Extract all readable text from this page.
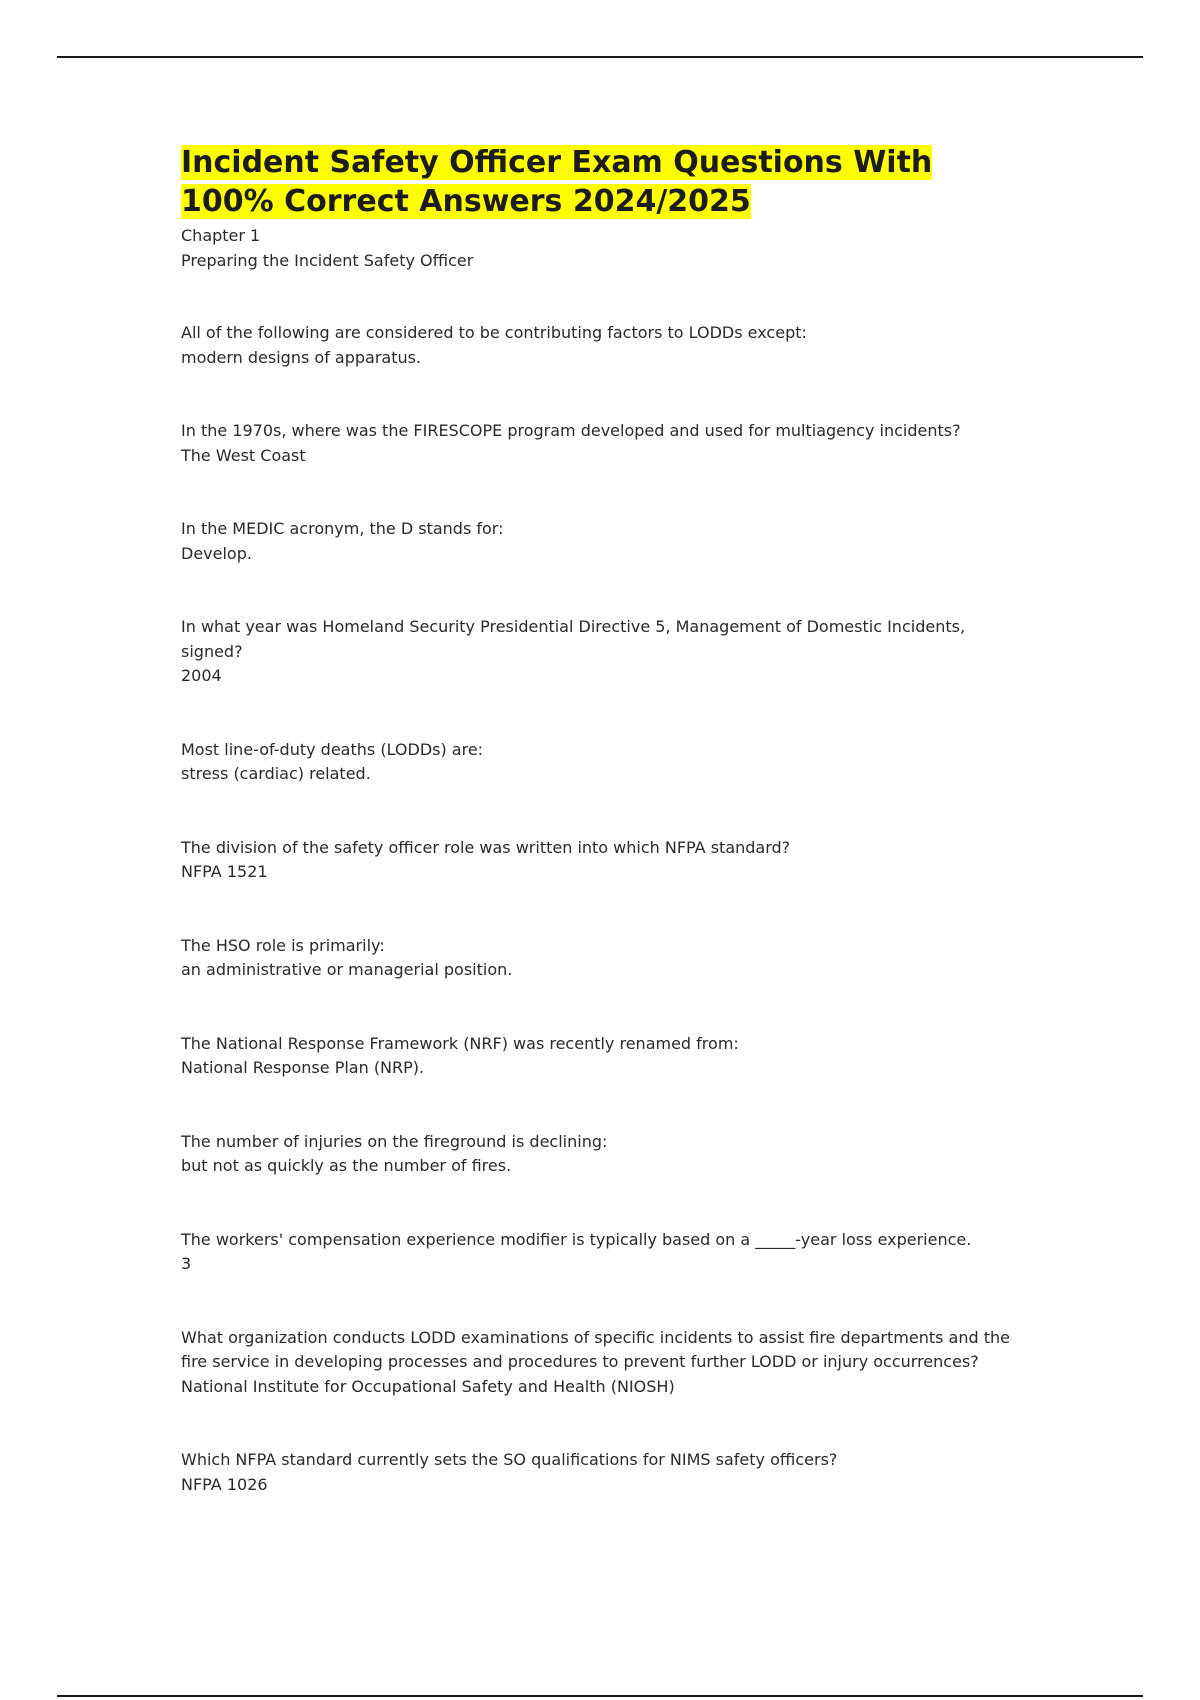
Incident Safety Officer Exam Questions With
100% Correct Answers 2024/2025
Chapter 1
Preparing the Incident Safety Officer
All of the following are considered to be contributing factors to LODDs except:
modern designs of apparatus.
In the 1970s, where was the FIRESCOPE program developed and used for multiagency incidents?
The West Coast
In the MEDIC acronym, the D stands for:
Develop.
In what year was Homeland Security Presidential Directive 5, Management of Domestic Incidents, signed?
2004
Most line-of-duty deaths (LODDs) are:
stress (cardiac) related.
The division of the safety officer role was written into which NFPA standard?
NFPA 1521
The HSO role is primarily:
an administrative or managerial position.
The National Response Framework (NRF) was recently renamed from:
National Response Plan (NRP).
The number of injuries on the fireground is declining:
but not as quickly as the number of fires.
The workers' compensation experience modifier is typically based on a _____-year loss experience.
3
What organization conducts LODD examinations of specific incidents to assist fire departments and the fire service in developing processes and procedures to prevent further LODD or injury occurrences?
National Institute for Occupational Safety and Health (NIOSH)
Which NFPA standard currently sets the SO qualifications for NIMS safety officers?
NFPA 1026
